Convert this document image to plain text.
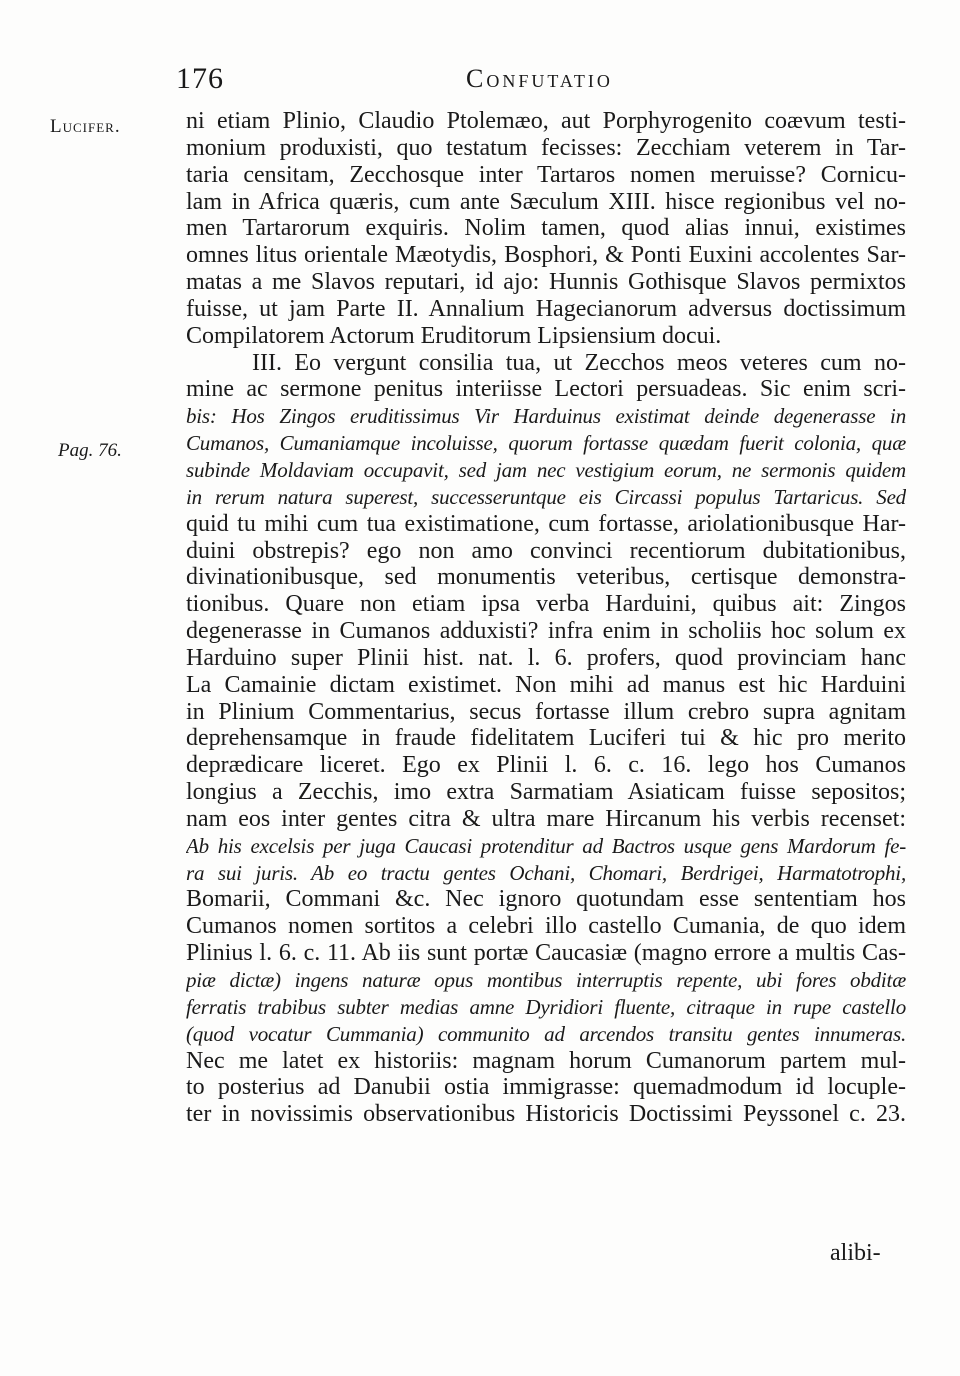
176	Confutatio
Lucifer.
Pag. 76.
ni etiam Plinio, Claudio Ptolemæo, aut Porphyrogenito coævum testi-
monium produxisti, quo testatum fecisses: Zecchiam veterem in Tar-
taria censitam, Zecchosque inter Tartaros nomen meruisse? Cornicu-
lam in Africa quæris, cum ante Sæculum XIII. hisce regionibus vel no-
men Tartarorum exquiris. Nolim tamen, quod alias innui, existimes
omnes litus orientale Mæotydis, Bosphori, & Ponti Euxini accolentes Sar-
matas a me Slavos reputari, id ajo: Hunnis Gothisque Slavos permixtos
fuisse, ut jam Parte II. Annalium Hagecianorum adversus doctissimum
Compilatorem Actorum Eruditorum Lipsiensium docui.
III. Eo vergunt consilia tua, ut Zecchos meos veteres cum no-
mine ac sermone penitus interiisse Lectori persuadeas. Sic enim scri-
bis: Hos Zingos eruditissimus Vir Harduinus existimat deinde degenerasse in
Cumanos, Cumaniamque incoluisse, quorum fortasse quædam fuerit colonia, quæ
subinde Moldaviam occupavit, sed jam nec vestigium eorum, ne sermonis quidem
in rerum natura superest, successeruntque eis Circassi populus Tartaricus. Sed
quid tu mihi cum tua existimatione, cum fortasse, ariolationibusque Har-
duini obstrepis? ego non amo convinci recentiorum dubitationibus,
divinationibusque, sed monumentis veteribus, certisque demonstra-
tionibus. Quare non etiam ipsa verba Harduini, quibus ait: Zingos
degenerasse in Cumanos adduxisti? infra enim in scholiis hoc solum ex
Harduino super Plinii hist. nat. l. 6. profers, quod provinciam hanc
La Camainie dictam existimet. Non mihi ad manus est hic Harduini
in Plinium Commentarius, secus fortasse illum crebro supra agnitam
deprehensamque in fraude fidelitatem Luciferi tui & hic pro merito
deprædicare liceret. Ego ex Plinii l. 6. c. 16. lego hos Cumanos
longius a Zecchis, imo extra Sarmatiam Asiaticam fuisse sepositos;
nam eos inter gentes citra & ultra mare Hircanum his verbis recenset:
Ab his excelsis per juga Caucasi protenditur ad Bactros usque gens Mardorum fe-
ra sui juris. Ab eo tractu gentes Ochani, Chomari, Berdrigei, Harmatotrophi,
Bomarii, Commani &c. Nec ignoro quotundam esse sententiam hos
Cumanos nomen sortitos a celebri illo castello Cumania, de quo idem
Plinius l. 6. c. 11. Ab iis sunt portæ Caucasiæ (magno errore a multis Cas-
piæ dictæ) ingens naturæ opus montibus interruptis repente, ubi fores obditæ
ferratis trabibus subter medias amne Dyridiori fluente, citraque in rupe castello
(quod vocatur Cummania) communito ad arcendos transitu gentes innumeras.
Nec me latet ex historiis: magnam horum Cumanorum partem mul-
to posterius ad Danubii ostia immigrasse: quemadmodum id locuple-
ter in novissimis observationibus Historicis Doctissimi Peyssonel c. 23.
alibi-
